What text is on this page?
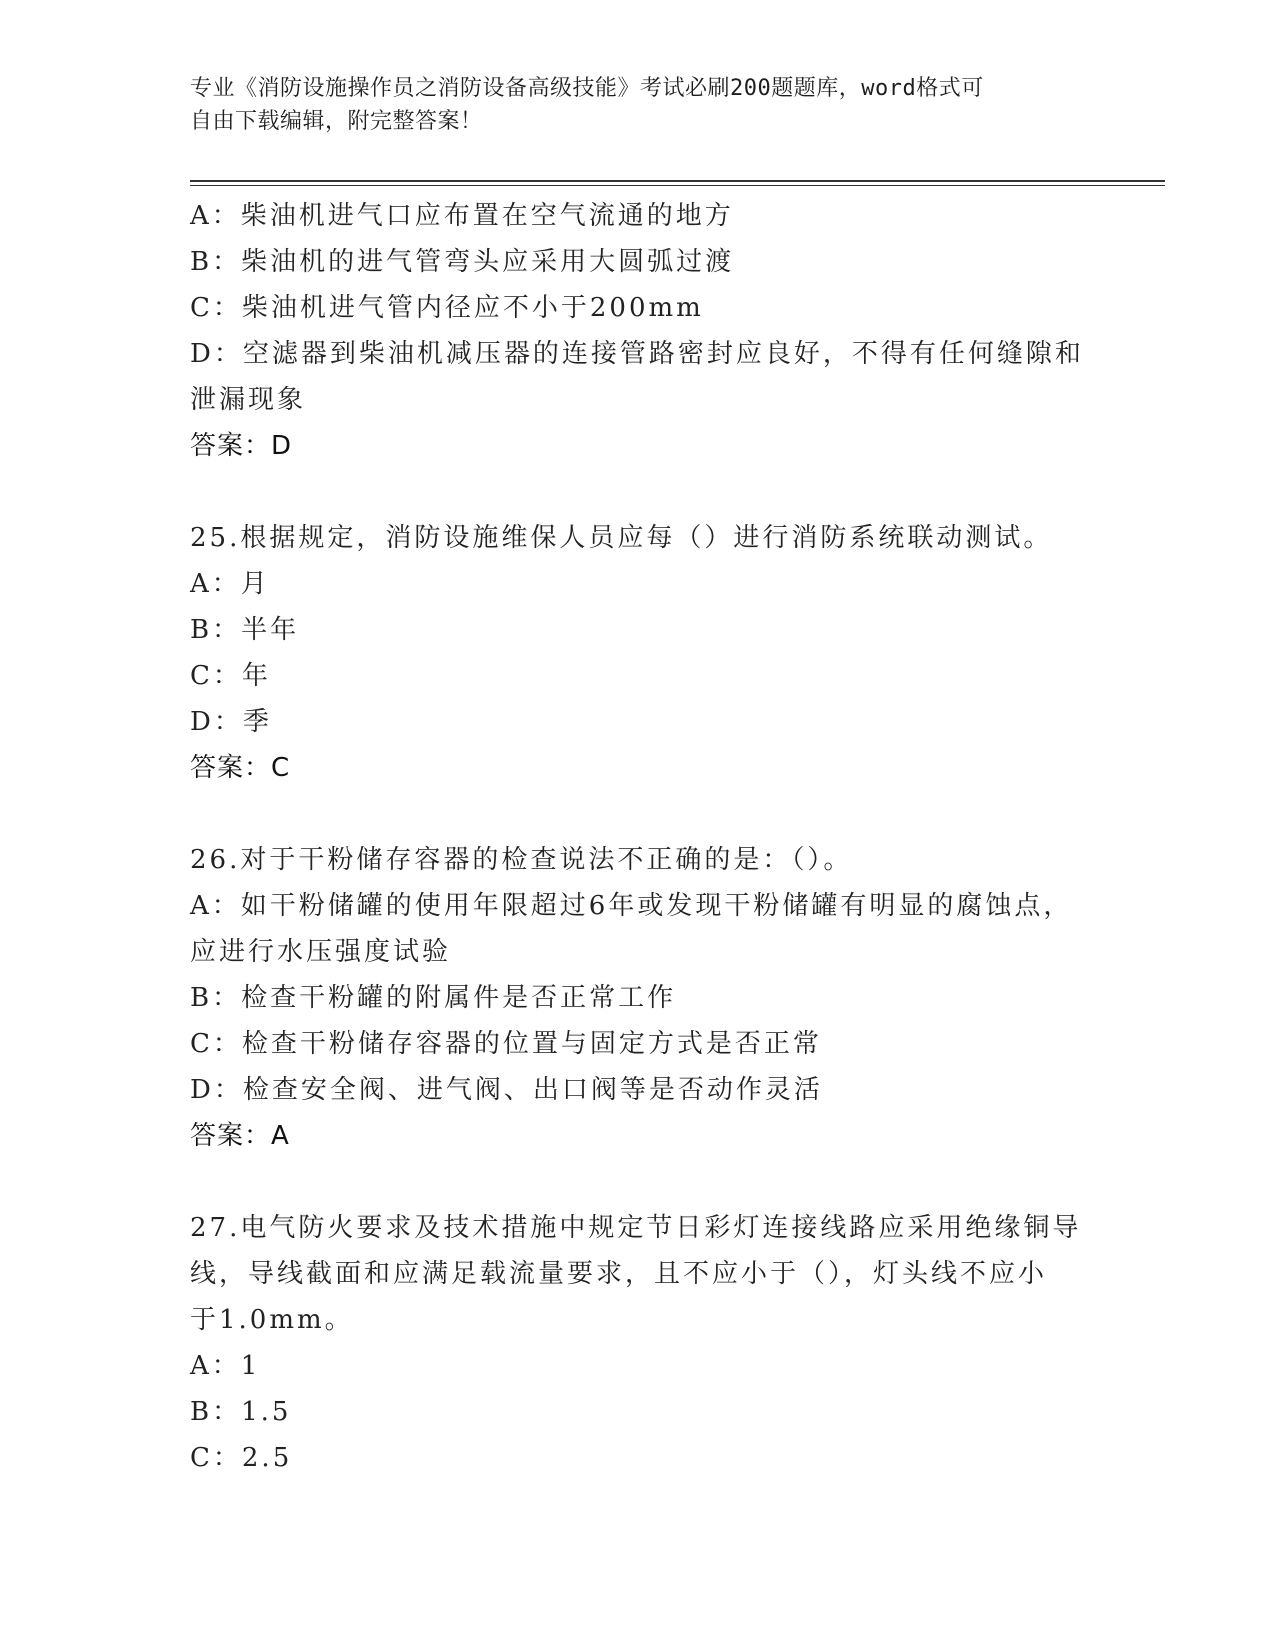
专业《消防设施操作员之消防设备高级技能》考试必刷200题题库，word格式可
自由下载编辑，附完整答案！
A：柴油机进气口应布置在空气流通的地方
B：柴油机的进气管弯头应采用大圆弧过渡
C：柴油机进气管内径应不小于200mm
D：空滤器到柴油机减压器的连接管路密封应良好，不得有任何缝隙和
泄漏现象
答案：D
25.根据规定，消防设施维保人员应每（）进行消防系统联动测试。
A：月
B：半年
C：年
D：季
答案：C
26.对于干粉储存容器的检查说法不正确的是：（）。
A：如干粉储罐的使用年限超过6年或发现干粉储罐有明显的腐蚀点，
应进行水压强度试验
B：检查干粉罐的附属件是否正常工作
C：检查干粉储存容器的位置与固定方式是否正常
D：检查安全阀、进气阀、出口阀等是否动作灵活
答案：A
27.电气防火要求及技术措施中规定节日彩灯连接线路应采用绝缘铜导
线，导线截面和应满足载流量要求，且不应小于（），灯头线不应小
于1.0mm。
A：1
B：1.5
C：2.5
